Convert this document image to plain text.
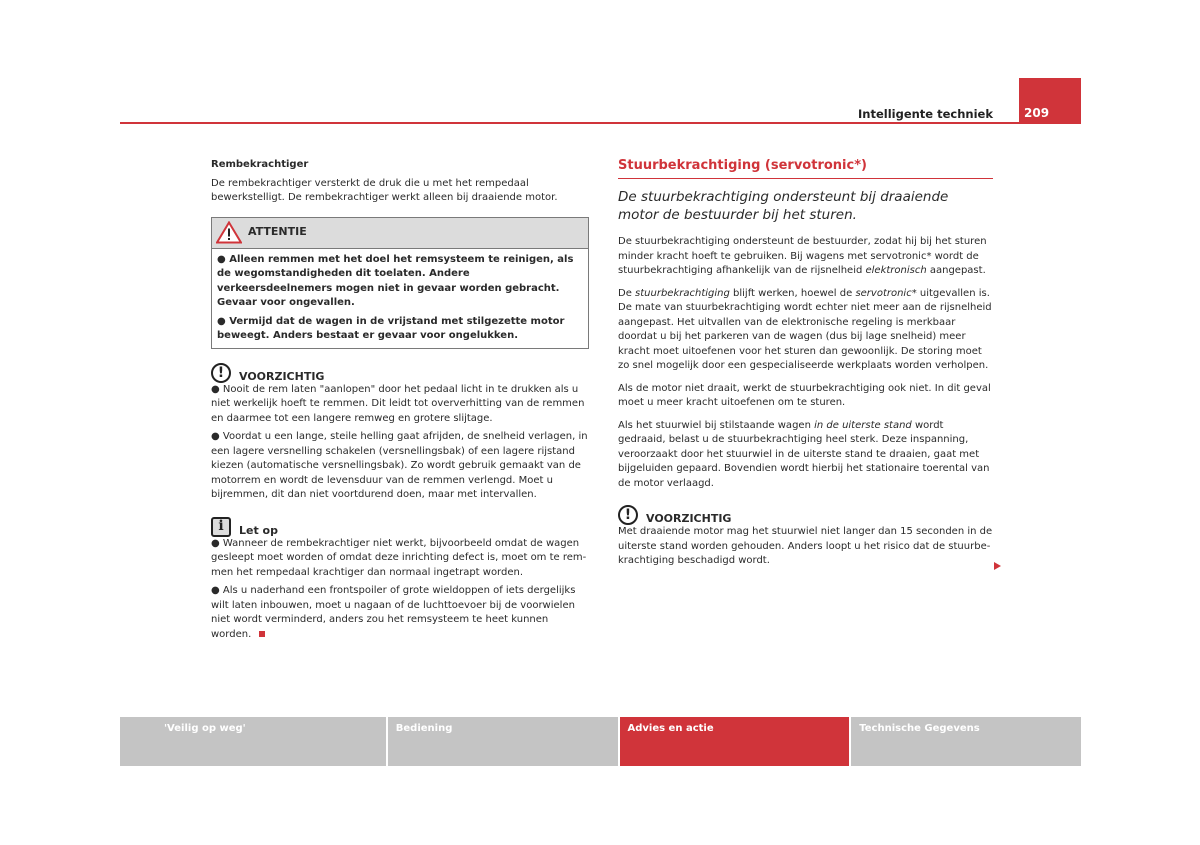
Intelligente techniek	209

Rembekrachtiger

De rembekrachtiger versterkt de druk die u met het rempedaal bewerkstelligt. De rembekrachtiger werkt alleen bij draaiende motor.

ATTENTIE

● Alleen remmen met het doel het remsysteem te reinigen, als de wegomstandigheden dit toelaten. Andere verkeersdeelnemers mogen niet in gevaar worden gebracht. Gevaar voor ongevallen.

● Vermijd dat de wagen in de vrijstand met stilgezette motor beweegt. Anders bestaat er gevaar voor ongelukken.

!	VOORZICHTIG

● Nooit de rem laten "aanlopen" door het pedaal licht in te drukken als u niet werkelijk hoeft te remmen. Dit leidt tot oververhitting van de remmen en daarmee tot een langere remweg en grotere slijtage.

● Voordat u een lange, steile helling gaat afrijden, de snelheid verlagen, in een lagere versnelling schakelen (versnellingsbak) of een lagere rijstand kiezen (automatische versnellingsbak). Zo wordt gebruik gemaakt van de motorrem en wordt de levensduur van de remmen verlengd. Moet u bijremmen, dit dan niet voortdurend doen, maar met intervallen.

i	Let op

● Wanneer de rembekrachtiger niet werkt, bijvoorbeeld omdat de wagen gesleept moet worden of omdat deze inrichting defect is, moet om te remmen het rempedaal krachtiger dan normaal ingetrapt worden.

● Als u naderhand een frontspoiler of grote wieldoppen of iets dergelijks wilt laten inbouwen, moet u nagaan of de luchttoevoer bij de voorwielen niet wordt verminderd, anders zou het remsysteem te heet kunnen worden.

Stuurbekrachtiging (servotronic*)

De stuurbekrachtiging ondersteunt bij draaiende motor de bestuurder bij het sturen.

De stuurbekrachtiging ondersteunt de bestuurder, zodat hij bij het sturen minder kracht hoeft te gebruiken. Bij wagens met servotronic* wordt de stuurbekrachtiging afhankelijk van de rijsnelheid elektronisch aangepast.

De stuurbekrachtiging blijft werken, hoewel de servotronic* uitgevallen is. De mate van stuurbekrachtiging wordt echter niet meer aan de rijsnelheid aangepast. Het uitvallen van de elektronische regeling is merkbaar doordat u bij het parkeren van de wagen (dus bij lage snelheid) meer kracht moet uitoefenen voor het sturen dan gewoonlijk. De storing moet zo snel mogelijk door een gespecialiseerde werkplaats worden verholpen.

Als de motor niet draait, werkt de stuurbekrachtiging ook niet. In dit geval moet u meer kracht uitoefenen om te sturen.

Als het stuurwiel bij stilstaande wagen in de uiterste stand wordt gedraaid, belast u de stuurbekrachtiging heel sterk. Deze inspanning, veroorzaakt door het stuurwiel in de uiterste stand te draaien, gaat met bijgeluiden gepaard. Bovendien wordt hierbij het stationaire toerental van de motor verlaagd.

!	VOORZICHTIG

Met draaiende motor mag het stuurwiel niet langer dan 15 seconden in de uiterste stand worden gehouden. Anders loopt u het risico dat de stuurbekrachtiging beschadigd wordt.

'Veilig op weg'	Bediening	Advies en actie	Technische Gegevens
